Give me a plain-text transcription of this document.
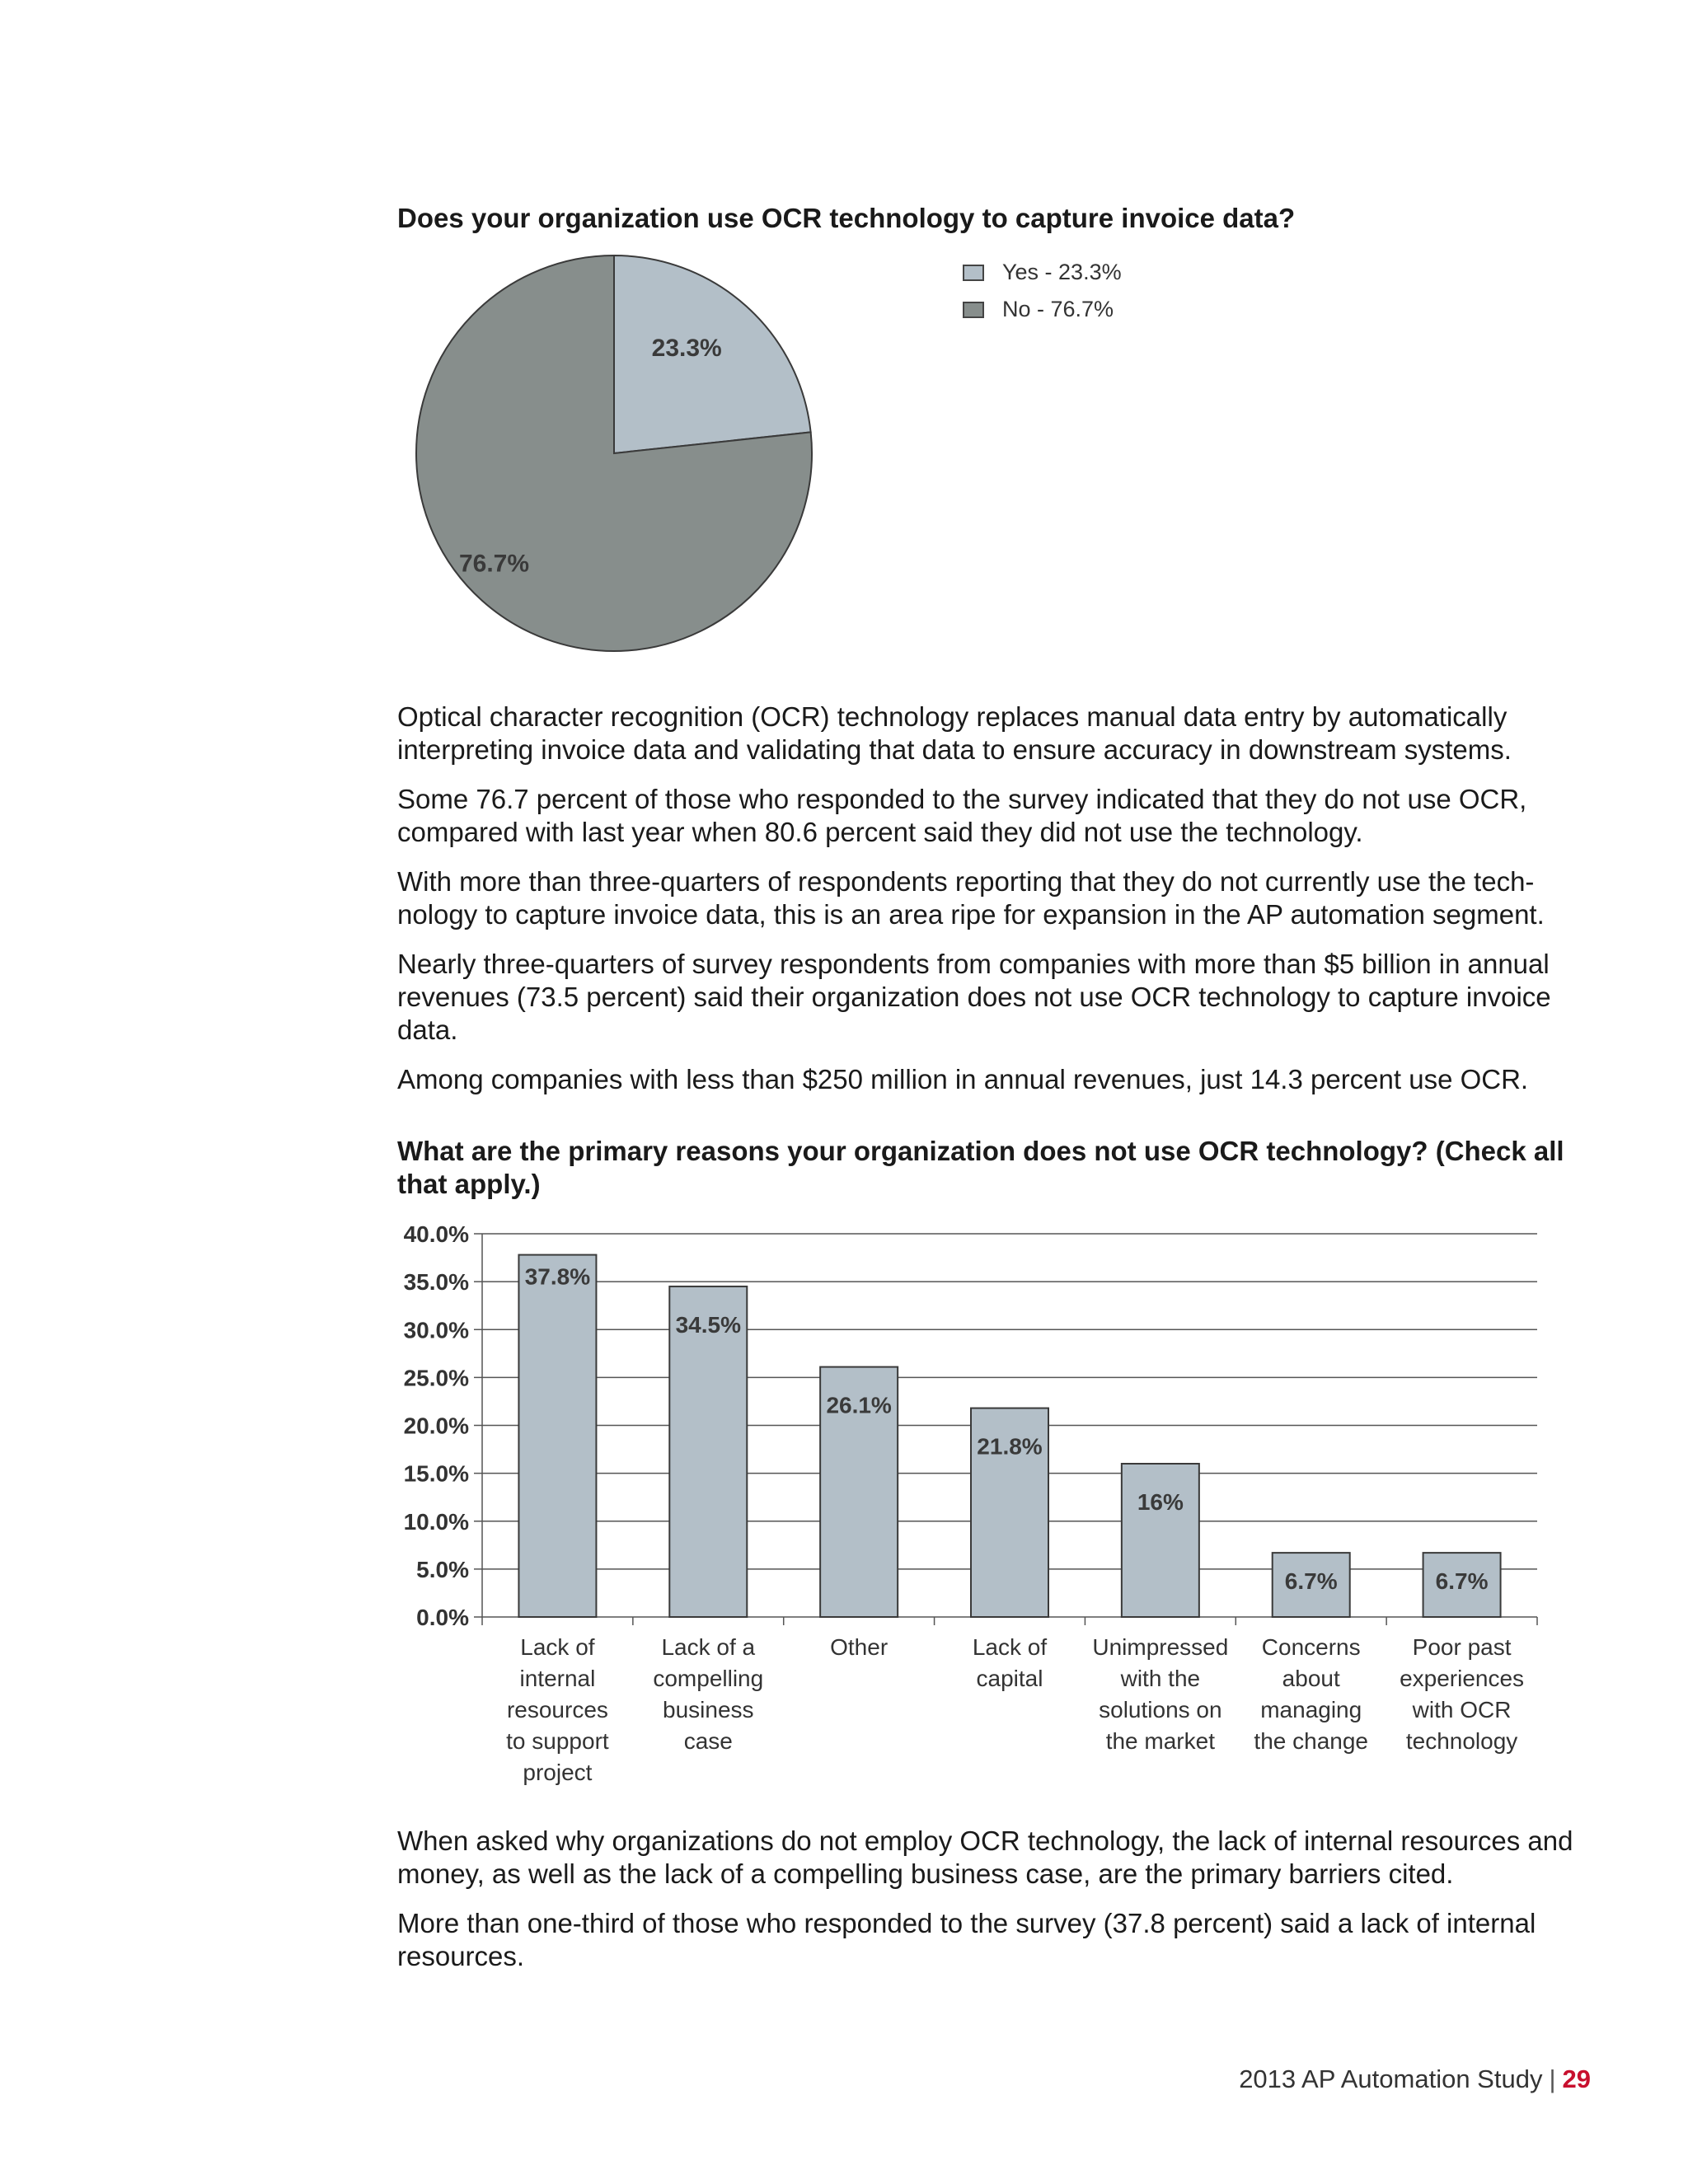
Does your organization use OCR technology to capture invoice data?
23.3%
76.7%
Yes - 23.3%
No - 76.7%

Optical character recognition (OCR) technology replaces manual data entry by automatically interpreting invoice data and validating that data to ensure accuracy in downstream systems.

Some 76.7 percent of those who responded to the survey indicated that they do not use OCR, compared with last year when 80.6 percent said they did not use the technology.

With more than three-quarters of respondents reporting that they do not currently use the technology to capture invoice data, this is an area ripe for expansion in the AP automation segment.

Nearly three-quarters of survey respondents from companies with more than $5 billion in annual revenues (73.5 percent) said their organization does not use OCR technology to capture invoice data.

Among companies with less than $250 million in annual revenues, just 14.3 percent use OCR.

What are the primary reasons your organization does not use OCR technology? (Check all that apply.)
0.0%
5.0%
10.0%
15.0%
20.0%
25.0%
30.0%
35.0%
40.0%
37.8%
Lack of internal resources to support project
34.5%
Lack of a compelling business case
26.1%
Other
21.8%
Lack of capital
16%
Unimpressed with the solutions on the market
6.7%
Concerns about managing the change
6.7%
Poor past experiences with OCR technology

When asked why organizations do not employ OCR technology, the lack of internal resources and money, as well as the lack of a compelling business case, are the primary barriers cited.

More than one-third of those who responded to the survey (37.8 percent) said a lack of internal resources.

2013 AP Automation Study | 29
